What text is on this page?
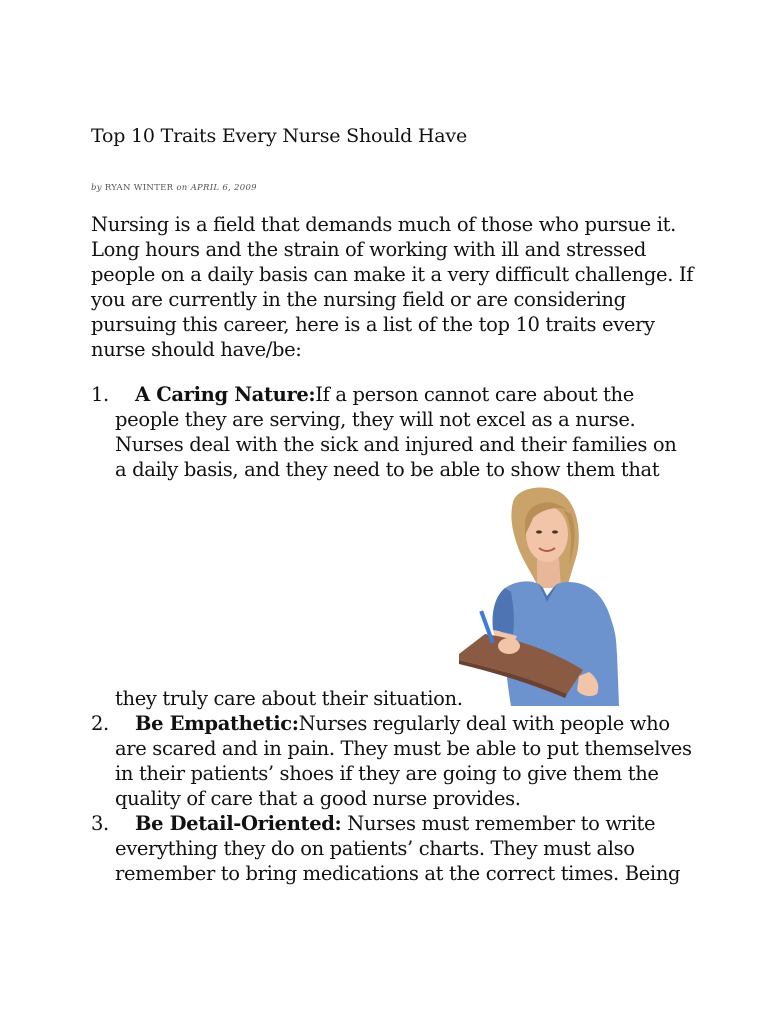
Top 10 Traits Every Nurse Should Have
by RYAN WINTER on APRIL 6, 2009
Nursing is a field that demands much of those who pursue it.
Long hours and the strain of working with ill and stressed
people on a daily basis can make it a very difficult challenge. If
you are currently in the nursing field or are considering
pursuing this career, here is a list of the top 10 traits every
nurse should have/be:
1. A Caring Nature:If a person cannot care about the
people they are serving, they will not excel as a nurse.
Nurses deal with the sick and injured and their families on
a daily basis, and they need to be able to show them that
they truly care about their situation.
2. Be Empathetic:Nurses regularly deal with people who
are scared and in pain. They must be able to put themselves
in their patients’ shoes if they are going to give them the
quality of care that a good nurse provides.
3. Be Detail-Oriented: Nurses must remember to write
everything they do on patients’ charts. They must also
remember to bring medications at the correct times. Being
